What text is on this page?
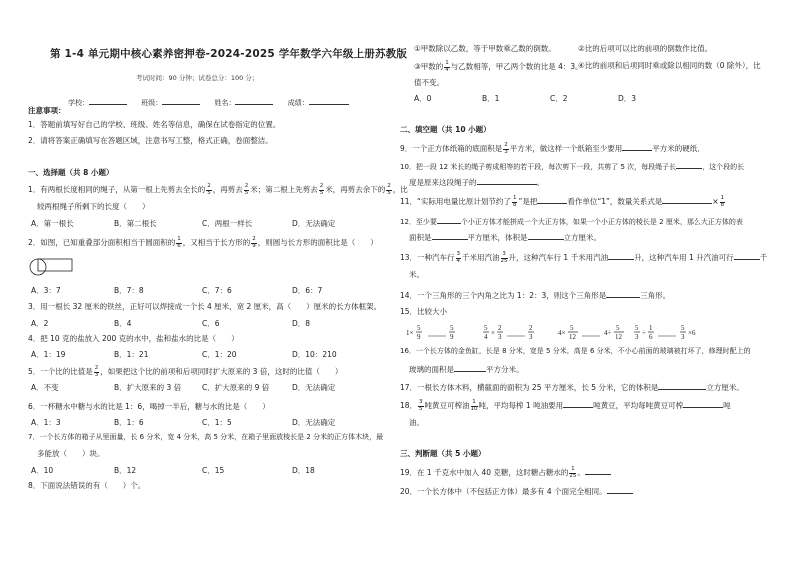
第 1-4 单元期中核心素养密押卷-2024-2025 学年数学六年级上册苏教版
考试时间：90 分钟；试卷总分：100 分；
学校：	班级：	姓名：	成绩：
注意事项：
1．答题前填写好自己的学校、班级、姓名等信息，确保在试卷指定的位置。
2．请将答案正确填写在答题区域，注意书写工整，格式正确，卷面整洁。
一、选择题（共 8 小题）
1．有两根长度相同的绳子，从第一根上先剪去全长的 $\frac{2}{5}$ ，再剪去 $\frac{2}{5}$ 米；第二根上先剪去 $\frac{2}{5}$ 米，再剪去余下的 $\frac{2}{5}$ ，比
较两根绳子所剩下的长度（　　）
A．第一根长	B．第二根长	C．两根一样长	D．无法确定
2．如图，已知重叠部分面积相当于圆面积的 $\frac{1}{6}$ ，又相当于长方形的 $\frac{2}{9}$ ，则圆与长方形的面积比是（　　）
A．3：7	B．7：8	C．7：6	D．6：7
3．用一根长 32 厘米的铁丝，正好可以焊接成一个长 4 厘米，宽 2 厘米，高（　　）厘米的长方体框架。
A．2	B．4	C．6	D．8
4．把 10 克的盐放入 200 克的水中，盐和盐水的比是（　　）
A．1：19	B．1：21	C．1：20	D．10：210
5．一个比的比值是 $\frac{2}{3}$ ，如果把这个比的前项和后项同时扩大原来的 3 倍，这时的比值（　　）
A．不变	B．扩大原来的 3 倍	C．扩大原来的 9 倍	D．无法确定
6．一杯糖水中糖与水的比是 1：6，喝掉一半后，糖与水的比是（　　）
A．1：3	B．1：6	C．1：5	D．无法确定
7．一个长方体的箱子从里面量，长 6 分米，宽 4 分米，高 5 分米，在箱子里面放棱长是 2 分米的正方体木块，最
多能放（　　）块。
A．10	B．12	C．15	D．18
8．下面说法错误的有（　　）个。
①甲数除以乙数，等于甲数乘乙数的倒数。	②比的后项可以比的前项的倒数作比值。
③甲数的 $\frac{1}{4}$ 与乙数相等，甲乙两个数的比是 4：3。
④比的前项和后项同时乘或除以相同的数（0 除外），比
值不变。
A．0	B．1	C．2	D．3
二、填空题（共 10 小题）
9．一个正方体纸箱的底面积是 $\frac{2}{3}$ 平方米，做这样一个纸箱至少要用	平方米的硬纸．
10．把一段 12 米长的绳子剪成相等的若干段，每次剪下一段，共剪了 5 次，每段绳子长	，这个段的长
度是原来这段绳子的	。
11．“实际用电量比原计划节约了 $\frac{1}{8}$ ”是把	看作单位“1”，数量关系式是	× $\frac{1}{8}$
12．至少要	个小正方体才能拼成一个大正方体，如果一个小正方体的棱长是 2 厘米，那么大正方体的表
面积是	平方厘米，体积是	立方厘米。
13．一种汽车行 $\frac{3}{4}$ 千米用汽油 $\frac{3}{25}$ 升，这种汽车行 1 千米用汽油	升，这种汽车用 1 升汽油可行	千
米。
14．一个三角形的三个内角之比为 1：2：3，则这个三角形是	三角形。
15．比较大小
1×
5
9
5
9
5
4 ×
2
3
2
3	4×
5
12	4÷
5
12
5
3 ÷
1
6
5
3 ×6
16．一个长方体的金鱼缸，长是 8 分米，宽是 5 分米，高是 6 分米，不小心前面的玻璃被打坏了，修理时配上的
玻璃的面积是	平方分米。
17．一根长方体木料，横截面的面积为 25 平方厘米，长 5 分米，它的体积是	立方厘米。
18． $\frac{3}{5}$ 吨黄豆可榨油 $\frac{1}{10}$ 吨，平均每榨 1 吨油要用	吨黄豆，平均每吨黄豆可榨	吨
油。
三、判断题（共 5 小题）
19．在 1 千克水中加入 40 克糖，这时糖占糖水的 $\frac{1}{25}$ 。
20．一个长方体中（不包括正方体）最多有 4 个面完全相同。
